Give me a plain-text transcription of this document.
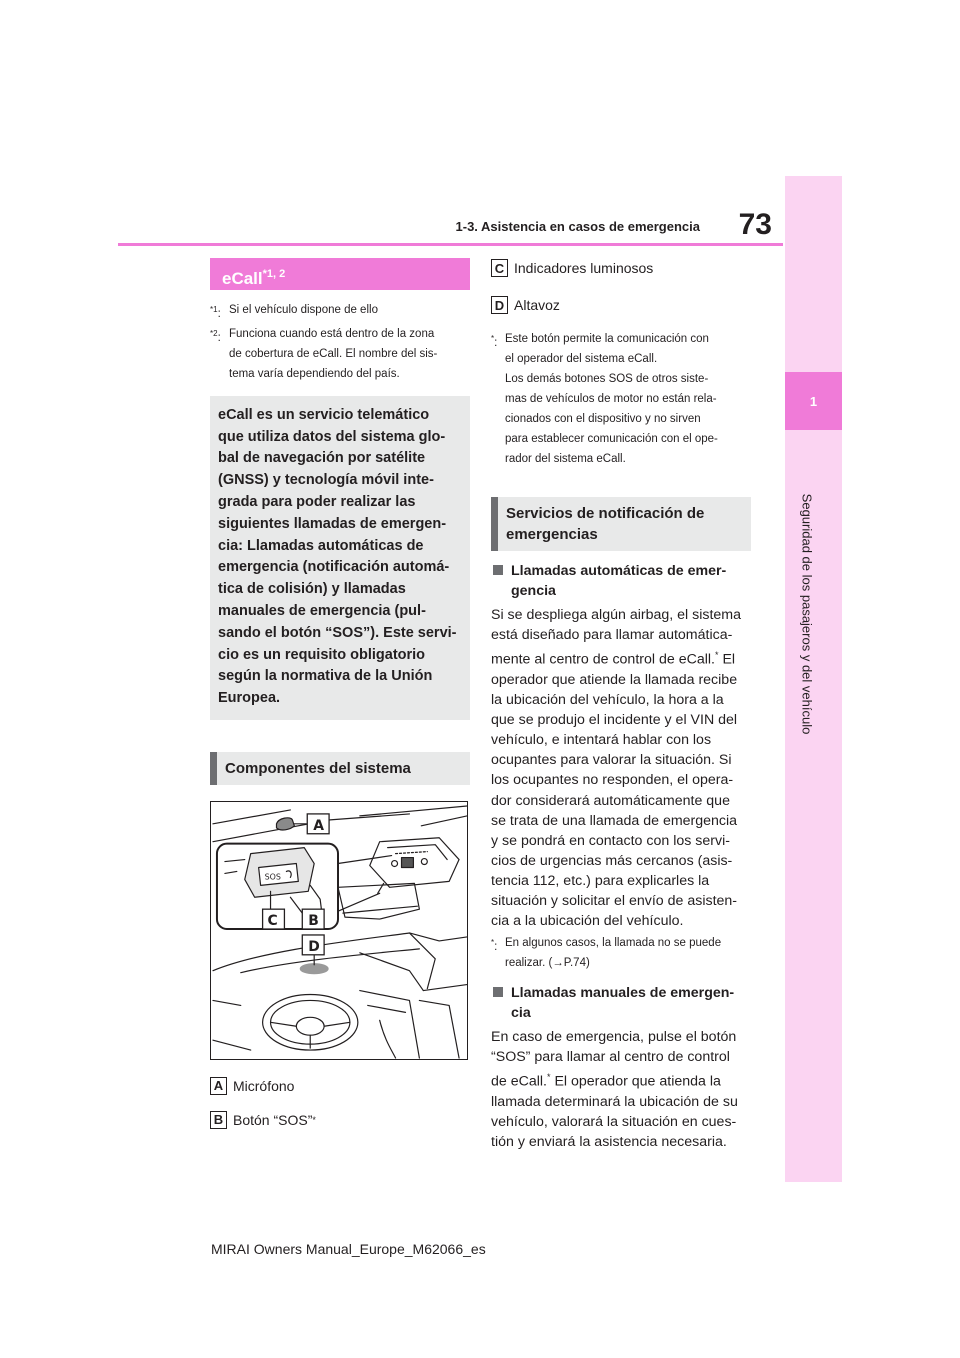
73
1-3. Asistencia en casos de emergencia
1
Seguridad de los pasajeros y del vehículo
eCall$^{*1, 2}$
$^{*1}$: Si el vehículo dispone de ello
$^{*2}$: Funciona cuando está dentro de la zona
de cobertura de eCall. El nombre del sis-
tema varía dependiendo del país.
eCall es un servicio telemático
que utiliza datos del sistema glo-
bal de navegación por satélite
(GNSS) y tecnología móvil inte-
grada para poder realizar las
siguientes llamadas de emergen-
cia: Llamadas automáticas de
emergencia (notificación automá-
tica de colisión) y llamadas
manuales de emergencia (pul-
sando el botón “SOS”). Este servi-
cio es un requisito obligatorio
según la normativa de la Unión
Europea.
Componentes del sistema
SOS
A
B
C
D
A Micrófono
B Botón “SOS” *
C Indicadores luminosos
D Altavoz
*: Este botón permite la comunicación con
el operador del sistema eCall.
Los demás botones SOS de otros siste-
mas de vehículos de motor no están rela-
cionados con el dispositivo y no sirven
para establecer comunicación con el ope-
rador del sistema eCall.
Servicios de notificación de
emergencias
Llamadas automáticas de emer-
gencia
Si se despliega algún airbag, el sistema
está diseñado para llamar automática-
mente al centro de control de eCall.* El
operador que atiende la llamada recibe
la ubicación del vehículo, la hora a la
que se produjo el incidente y el VIN del
vehículo, e intentará hablar con los
ocupantes para valorar la situación. Si
los ocupantes no responden, el opera-
dor considerará automáticamente que
se trata de una llamada de emergencia
y se pondrá en contacto con los servi-
cios de urgencias más cercanos (asis-
tencia 112, etc.) para explicarles la
situación y solicitar el envío de asisten-
cia a la ubicación del vehículo.
*: En algunos casos, la llamada no se puede
realizar. (→P.74)
Llamadas manuales de emergen-
cia
En caso de emergencia, pulse el botón
“SOS” para llamar al centro de control
de eCall.* El operador que atienda la
llamada determinará la ubicación de su
vehículo, valorará la situación en cues-
tión y enviará la asistencia necesaria.
MIRAI Owners Manual_Europe_M62066_es
